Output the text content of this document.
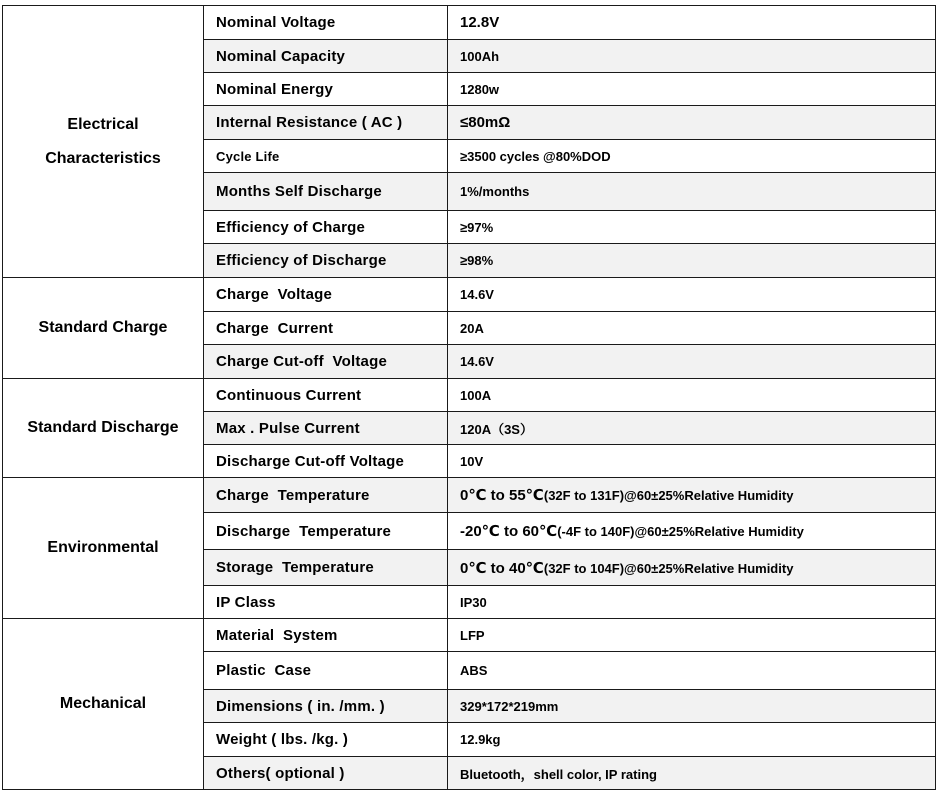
Electrical Characteristics	Nominal Voltage	12.8V
	Nominal Capacity	100Ah
	Nominal Energy	1280w
	Internal Resistance ( AC )	≤80mΩ
	Cycle Life	≥3500 cycles @80%DOD
	Months Self Discharge	1%/months
	Efficiency of Charge	≥97%
	Efficiency of Discharge	≥98%
Standard Charge	Charge  Voltage	14.6V
	Charge  Current	20A
	Charge Cut-off  Voltage	14.6V
Standard Discharge	Continuous Current	100A
	Max . Pulse Current	120A（3S）
	Discharge Cut-off Voltage	10V
Environmental	Charge  Temperature	0℃ to 55℃(32F to 131F)@60±25%Relative Humidity
	Discharge  Temperature	-20℃ to 60℃(-4F to 140F)@60±25%Relative Humidity
	Storage  Temperature	0℃ to 40℃(32F to 104F)@60±25%Relative Humidity
	IP Class	IP30
Mechanical	Material  System	LFP
	Plastic  Case	ABS
	Dimensions ( in. /mm. )	329*172*219mm
	Weight ( lbs. /kg. )	12.9kg
	Others( optional )	Bluetooth，shell color, IP rating
